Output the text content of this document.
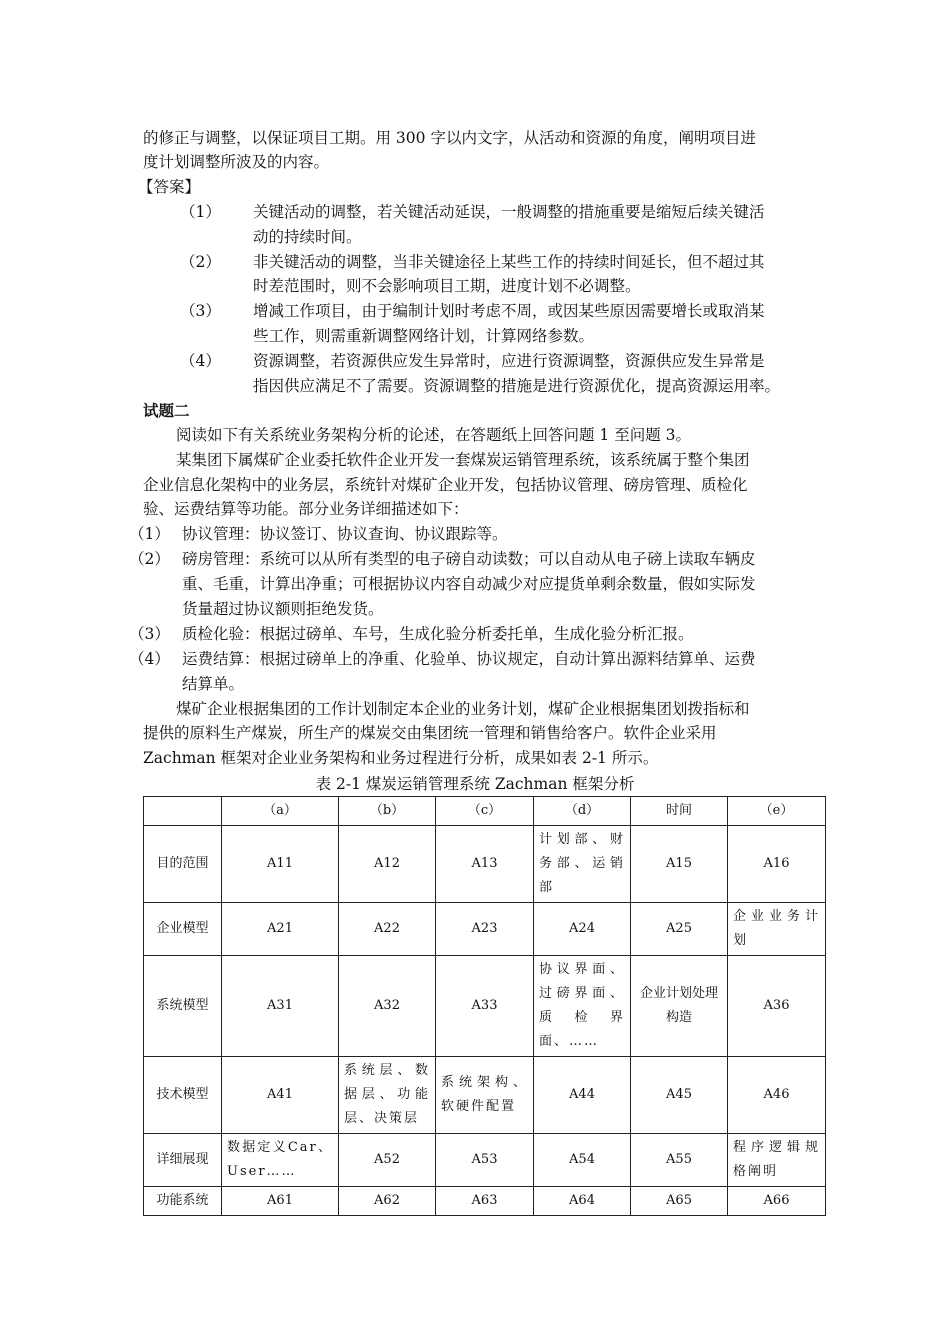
的修正与调整，以保证项目工期。用 300 字以内文字，从活动和资源的角度，阐明项目进
度计划调整所波及的内容。
【答案】
（1） 关键活动的调整，若关键活动延误，一般调整的措施重要是缩短后续关键活
动的持续时间。
（2） 非关键活动的调整，当非关键途径上某些工作的持续时间延长，但不超过其
时差范围时，则不会影响项目工期，进度计划不必调整。
（3） 增减工作项目，由于编制计划时考虑不周，或因某些原因需要增长或取消某
些工作，则需重新调整网络计划，计算网络参数。
（4） 资源调整，若资源供应发生异常时，应进行资源调整，资源供应发生异常是
指因供应满足不了需要。资源调整的措施是进行资源优化，提高资源运用率。
试题二
阅读如下有关系统业务架构分析的论述，在答题纸上回答问题 1 至问题 3。
某集团下属煤矿企业委托软件企业开发一套煤炭运销管理系统，该系统属于整个集团
企业信息化架构中的业务层，系统针对煤矿企业开发，包括协议管理、磅房管理、质检化
验、运费结算等功能。部分业务详细描述如下：
（1） 协议管理：协议签订、协议查询、协议跟踪等。
（2） 磅房管理：系统可以从所有类型的电子磅自动读数；可以自动从电子磅上读取车辆皮
重、毛重，计算出净重；可根据协议内容自动减少对应提货单剩余数量，假如实际发
货量超过协议额则拒绝发货。
（3） 质检化验：根据过磅单、车号，生成化验分析委托单，生成化验分析汇报。
（4） 运费结算：根据过磅单上的净重、化验单、协议规定，自动计算出源料结算单、运费
结算单。
煤矿企业根据集团的工作计划制定本企业的业务计划，煤矿企业根据集团划拨指标和
提供的原料生产煤炭，所生产的煤炭交由集团统一管理和销售给客户。软件企业采用
Zachman 框架对企业业务架构和业务过程进行分析，成果如表 2-1 所示。
表 2-1 煤炭运销管理系统 Zachman 框架分析
	（a）	（b）	（c）	（d）	时间	（e）
目的范围	A11	A12	A13	计划部、财务部、运销部	A15	A16
企业模型	A21	A22	A23	A24	A25	企业业务计划
系统模型	A31	A32	A33	协议界面、过磅界面、质检界面、……	企业计划处理构造	A36
技术模型	A41	系统层、数据层、功能层、决策层	系统架构、软硬件配置	A44	A45	A46
详细展现	数据定义Car、User……	A52	A53	A54	A55	程序逻辑规格阐明
功能系统	A61	A62	A63	A64	A65	A66
